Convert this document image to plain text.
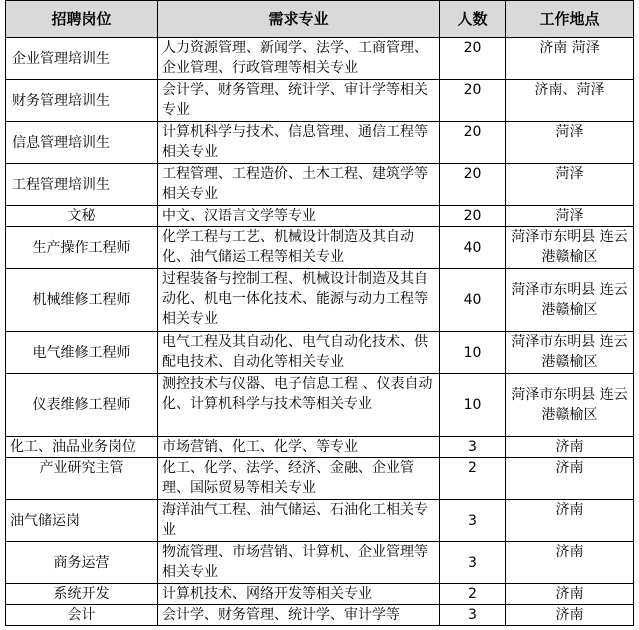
招聘岗位	需求专业	人数	工作地点
企业管理培训生	人力资源管理、新闻学、法学、工商管理、企业管理、行政管理等相关专业	20	济南 菏泽
财务管理培训生	会计学、财务管理、统计学、审计学等相关专业	20	济南、菏泽
信息管理培训生	计算机科学与技术、信息管理、通信工程等相关专业	20	菏泽
工程管理培训生	工程管理、工程造价、土木工程、建筑学等相关专业	20	菏泽
文秘	中文、汉语言文学等专业	20	菏泽
生产操作工程师	化学工程与工艺、机械设计制造及其自动化、油气储运工程等相关专业	40	菏泽市东明县 连云港赣榆区
机械维修工程师	过程装备与控制工程、机械设计制造及其自动化、机电一体化技术、能源与动力工程等相关专业	40	菏泽市东明县 连云港赣榆区
电气维修工程师	电气工程及其自动化、电气自动化技术、供配电技术、自动化等相关专业	10	菏泽市东明县 连云港赣榆区
仪表维修工程师	测控技术与仪器、电子信息工程 、仪表自动化、计算机科学与技术等相关专业	10	菏泽市东明县 连云港赣榆区
化工、油品业务岗位	市场营销、化工、化学、等专业	3	济南
产业研究主管	化工、化学、法学、经济、金融、企业管理、国际贸易等相关专业	2	济南
油气储运岗	海洋油气工程、油气储运、石油化工相关专业	3	济南
商务运营	物流管理、市场营销、计算机、企业管理等相关专业	3	济南
系统开发	计算机技术、网络开发等相关专业	2	济南
会计	会计学、财务管理、统计学、审计学等	3	济南
